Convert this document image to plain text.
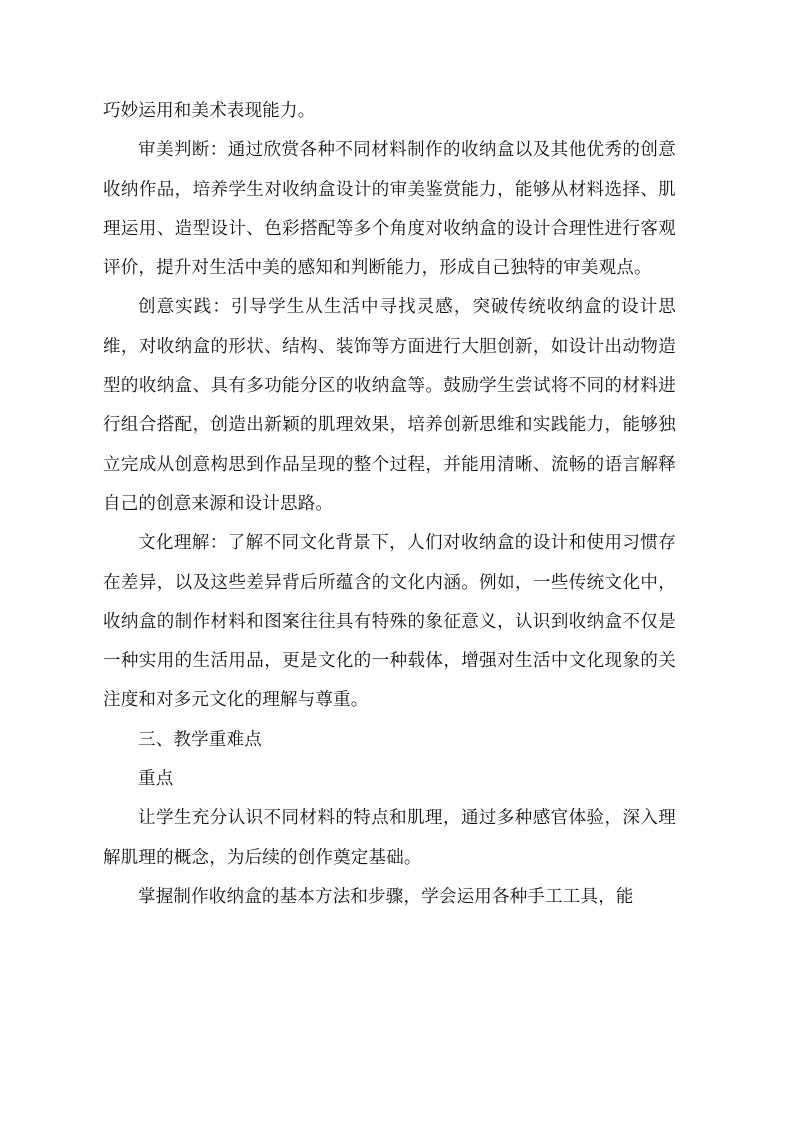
巧妙运用和美术表现能力。

审美判断：通过欣赏各种不同材料制作的收纳盒以及其他优秀的创意收纳作品，培养学生对收纳盒设计的审美鉴赏能力，能够从材料选择、肌理运用、造型设计、色彩搭配等多个角度对收纳盒的设计合理性进行客观评价，提升对生活中美的感知和判断能力，形成自己独特的审美观点。

创意实践：引导学生从生活中寻找灵感，突破传统收纳盒的设计思维，对收纳盒的形状、结构、装饰等方面进行大胆创新，如设计出动物造型的收纳盒、具有多功能分区的收纳盒等。鼓励学生尝试将不同的材料进行组合搭配，创造出新颖的肌理效果，培养创新思维和实践能力，能够独立完成从创意构思到作品呈现的整个过程，并能用清晰、流畅的语言解释自己的创意来源和设计思路。

文化理解：了解不同文化背景下，人们对收纳盒的设计和使用习惯存在差异，以及这些差异背后所蕴含的文化内涵。例如，一些传统文化中，收纳盒的制作材料和图案往往具有特殊的象征意义，认识到收纳盒不仅是一种实用的生活用品，更是文化的一种载体，增强对生活中文化现象的关注度和对多元文化的理解与尊重。

三、教学重难点

重点

让学生充分认识不同材料的特点和肌理，通过多种感官体验，深入理解肌理的概念，为后续的创作奠定基础。

掌握制作收纳盒的基本方法和步骤，学会运用各种手工工具，能
